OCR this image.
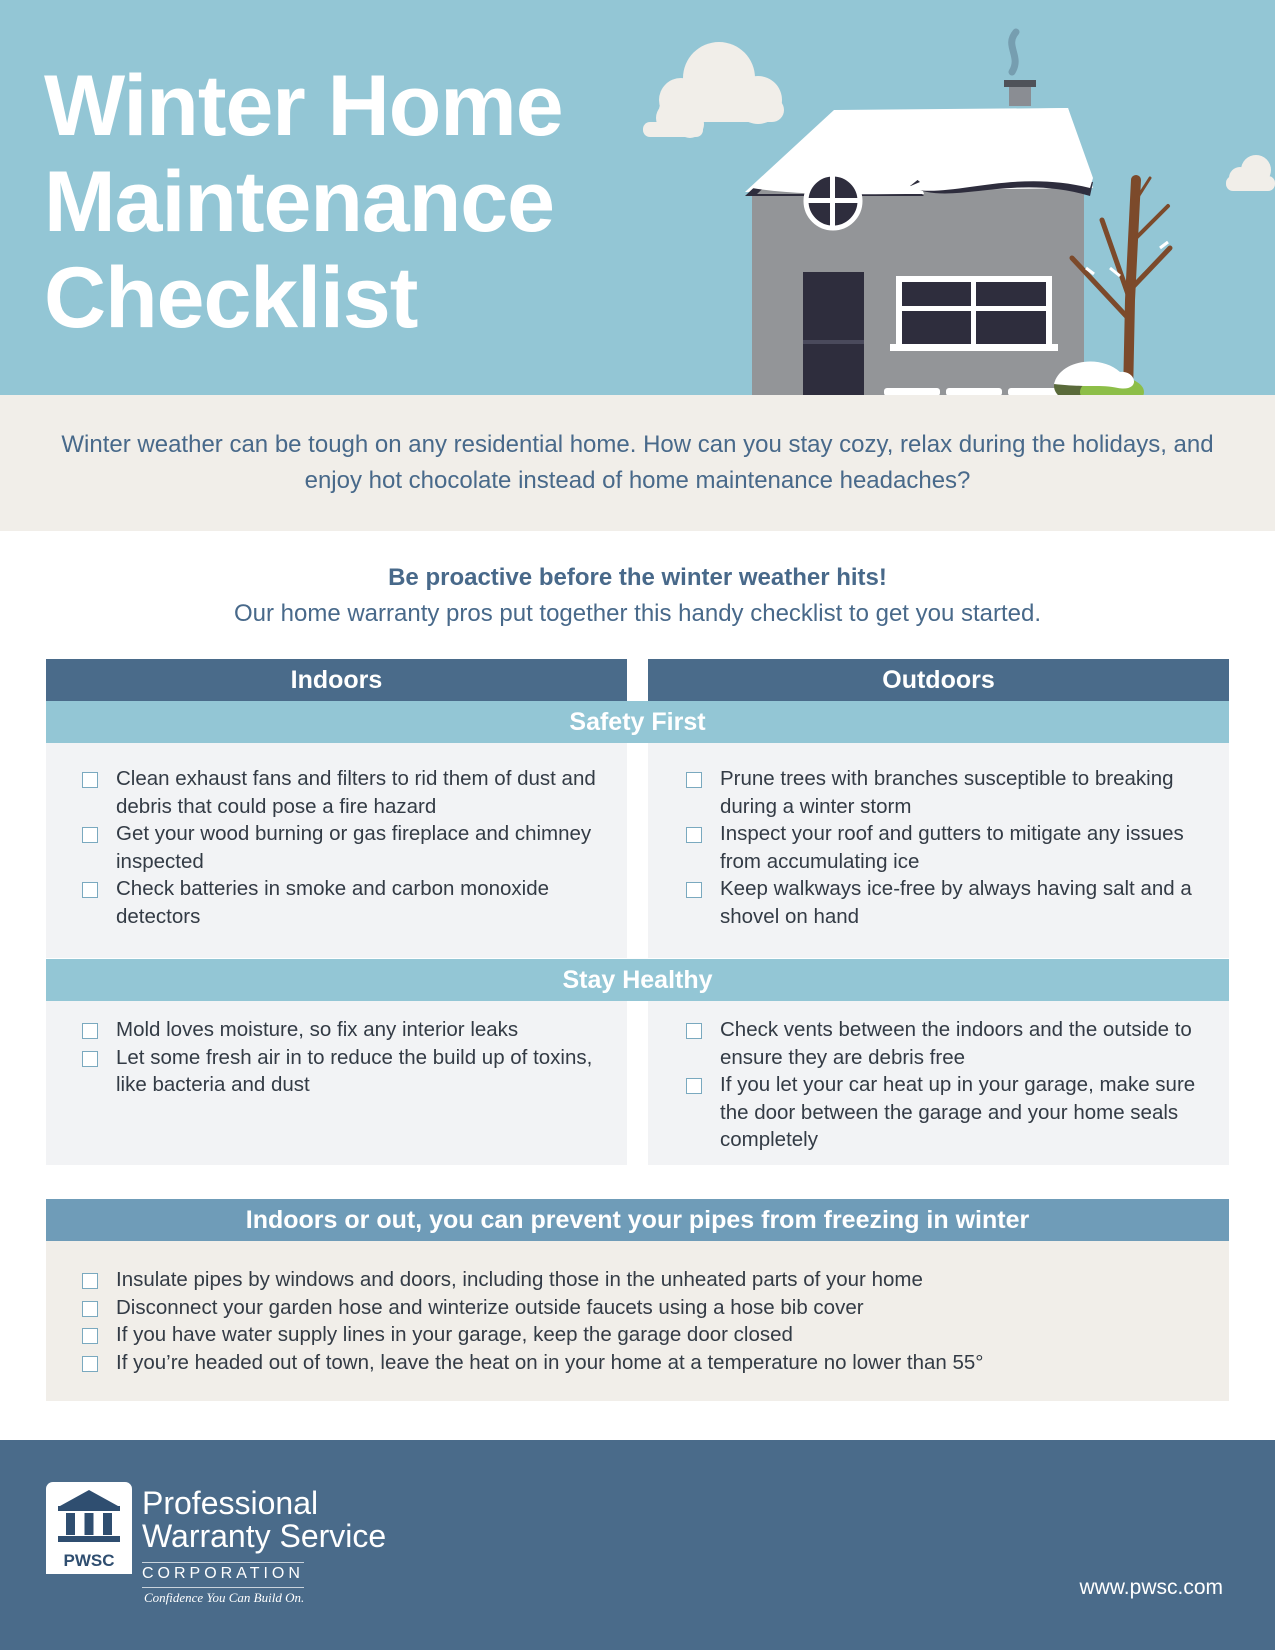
Winter Home
Maintenance
Checklist

Winter weather can be tough on any residential home. How can you stay cozy, relax during the holidays, and enjoy hot chocolate instead of home maintenance headaches?

Be proactive before the winter weather hits!
Our home warranty pros put together this handy checklist to get you started.
Indoors	Outdoors
Safety First
Clean exhaust fans and filters to rid them of dust and debris that could pose a fire hazard
Get your wood burning or gas fireplace and chimney inspected
Check batteries in smoke and carbon monoxide detectors
Prune trees with branches susceptible to breaking during a winter storm
Inspect your roof and gutters to mitigate any issues from accumulating ice
Keep walkways ice-free by always having salt and a shovel on hand
Stay Healthy
Mold loves moisture, so fix any interior leaks
Let some fresh air in to reduce the build up of toxins, like bacteria and dust
Check vents between the indoors and the outside to ensure they are debris free
If you let your car heat up in your garage, make sure the door between the garage and your home seals completely
Indoors or out, you can prevent your pipes from freezing in winter
Insulate pipes by windows and doors, including those in the unheated parts of your home
Disconnect your garden hose and winterize outside faucets using a hose bib cover
If you have water supply lines in your garage, keep the garage door closed
If you’re headed out of town, leave the heat on in your home at a temperature no lower than 55°
PWSC
Professional
Warranty Service
CORPORATION
Confidence You Can Build On.	www.pwsc.com
